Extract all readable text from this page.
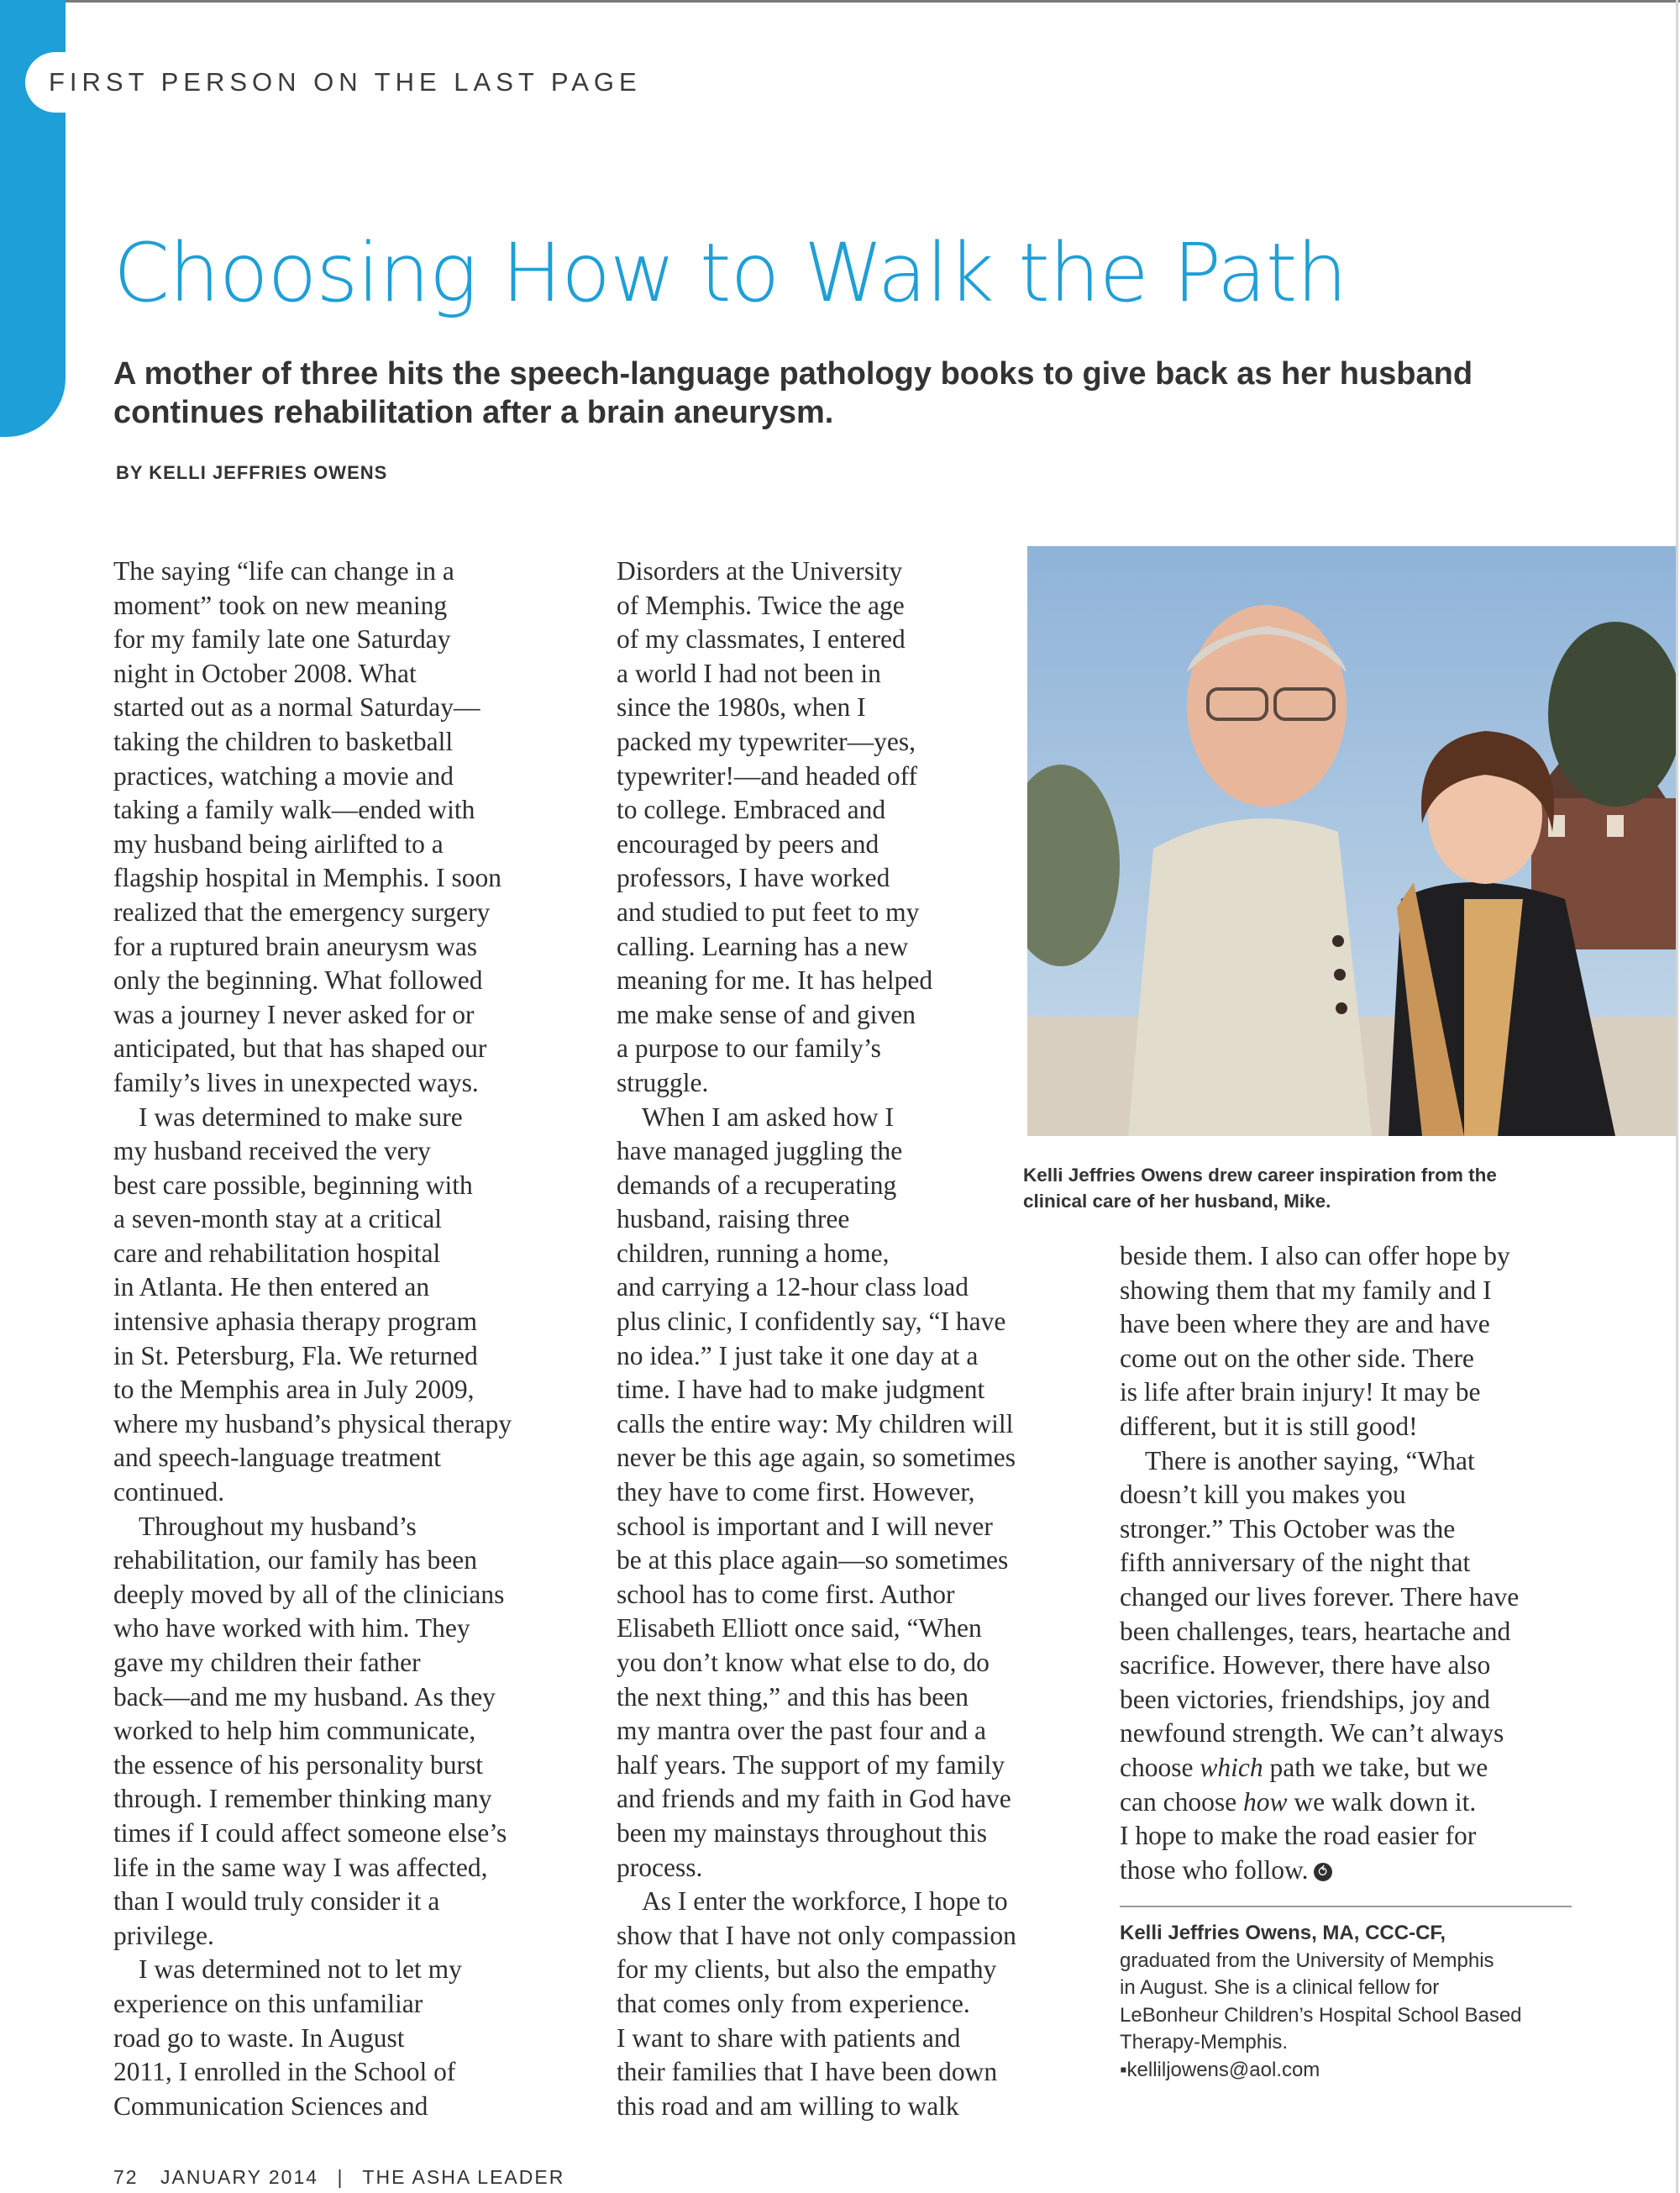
FIRST PERSON ON THE LAST PAGE
Choosing How to Walk the Path

A mother of three hits the speech-language pathology books to give back as her husband
continues rehabilitation after a brain aneurysm.

BY KELLI JEFFRIES OWENS
The saying “life can change in a
moment” took on new meaning
for my family late one Saturday
night in October 2008. What
started out as a normal Saturday—
taking the children to basketball
practices, watching a movie and
taking a family walk—ended with
my husband being airlifted to a
flagship hospital in Memphis. I soon
realized that the emergency surgery
for a ruptured brain aneurysm was
only the beginning. What followed
was a journey I never asked for or
anticipated, but that has shaped our
family’s lives in unexpected ways.
I was determined to make sure
my husband received the very
best care possible, beginning with
a seven-month stay at a critical
care and rehabilitation hospital
in Atlanta. He then entered an
intensive aphasia therapy program
in St. Petersburg, Fla. We returned
to the Memphis area in July 2009,
where my husband’s physical therapy
and speech-language treatment
continued.
Throughout my husband’s
rehabilitation, our family has been
deeply moved by all of the clinicians
who have worked with him. They
gave my children their father
back—and me my husband. As they
worked to help him communicate,
the essence of his personality burst
through. I remember thinking many
times if I could affect someone else’s
life in the same way I was affected,
than I would truly consider it a
privilege.
I was determined not to let my
experience on this unfamiliar
road go to waste. In August
2011, I enrolled in the School of
Communication Sciences and
Disorders at the University
of Memphis. Twice the age
of my classmates, I entered
a world I had not been in
since the 1980s, when I
packed my typewriter—yes,
typewriter!—and headed off
to college. Embraced and
encouraged by peers and
professors, I have worked
and studied to put feet to my
calling. Learning has a new
meaning for me. It has helped
me make sense of and given
a purpose to our family’s
struggle.
When I am asked how I
have managed juggling the
demands of a recuperating
husband, raising three
children, running a home,
and carrying a 12-hour class load
plus clinic, I confidently say, “I have
no idea.” I just take it one day at a
time. I have had to make judgment
calls the entire way: My children will
never be this age again, so sometimes
they have to come first. However,
school is important and I will never
be at this place again—so sometimes
school has to come first. Author
Elisabeth Elliott once said, “When
you don’t know what else to do, do
the next thing,” and this has been
my mantra over the past four and a
half years. The support of my family
and friends and my faith in God have
been my mainstays throughout this
process.
As I enter the workforce, I hope to
show that I have not only compassion
for my clients, but also the empathy
that comes only from experience.
I want to share with patients and
their families that I have been down
this road and am willing to walk
Kelli Jeffries Owens drew career inspiration from the
clinical care of her husband, Mike.
beside them. I also can offer hope by
showing them that my family and I
have been where they are and have
come out on the other side. There
is life after brain injury! It may be
different, but it is still good!
There is another saying, “What
doesn’t kill you makes you
stronger.” This October was the
fifth anniversary of the night that
changed our lives forever. There have
been challenges, tears, heartache and
sacrifice. However, there have also
been victories, friendships, joy and
newfound strength. We can’t always
choose which path we take, but we
can choose how we walk down it.
I hope to make the road easier for
those who follow. ⥀
Kelli Jeffries Owens, MA, CCC-CF,
graduated from the University of Memphis
in August. She is a clinical fellow for
LeBonheur Children’s Hospital School Based
Therapy-Memphis.
▪kelliljowens@aol.com
72 JANUARY 2014 | THE ASHA LEADER
